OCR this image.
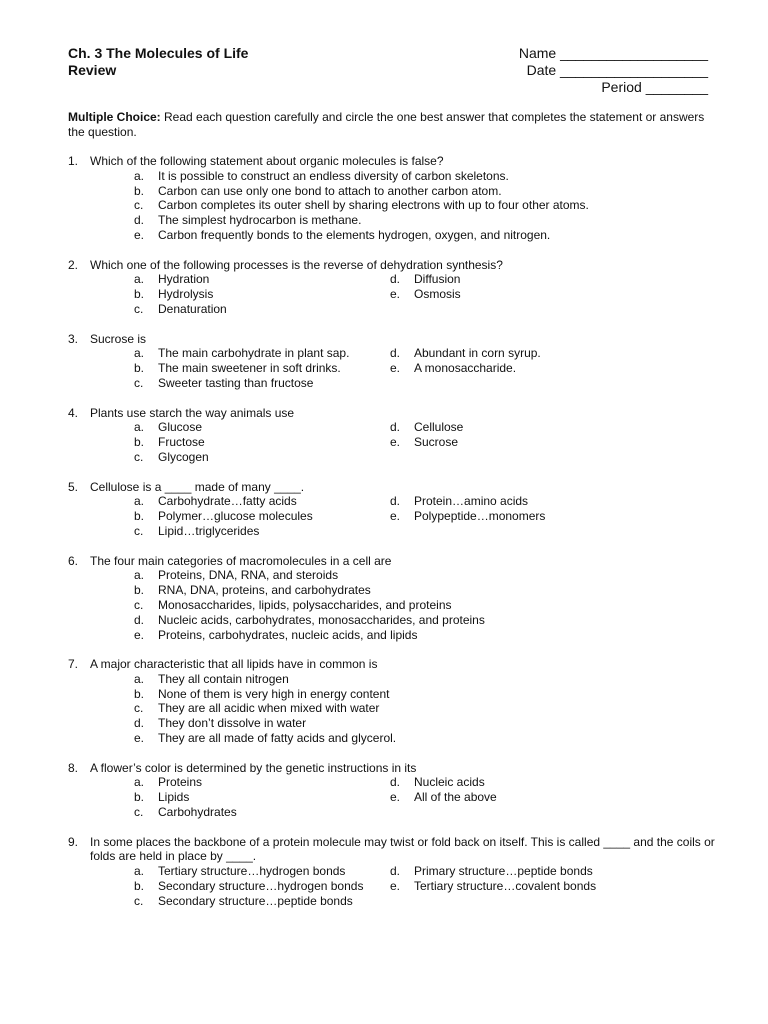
Ch. 3 The Molecules of Life
Review
Name ___________________
Date ___________________
Period ________
Multiple Choice: Read each question carefully and circle the one best answer that completes the statement or answers the question.
1. Which of the following statement about organic molecules is false?
a.	It is possible to construct an endless diversity of carbon skeletons.
b.	Carbon can use only one bond to attach to another carbon atom.
c.	Carbon completes its outer shell by sharing electrons with up to four other atoms.
d.	The simplest hydrocarbon is methane.
e.	Carbon frequently bonds to the elements hydrogen, oxygen, and nitrogen.
2. Which one of the following processes is the reverse of dehydration synthesis?
a.	Hydration	d.	Diffusion
b.	Hydrolysis	e.	Osmosis
c.	Denaturation
3. Sucrose is
a.	The main carbohydrate in plant sap.	d.	Abundant in corn syrup.
b.	The main sweetener in soft drinks.	e.	A monosaccharide.
c.	Sweeter tasting than fructose
4. Plants use starch the way animals use
a.	Glucose	d.	Cellulose
b.	Fructose	e.	Sucrose
c.	Glycogen
5. Cellulose is a ____ made of many ____.
a.	Carbohydrate…fatty acids	d.	Protein…amino acids
b.	Polymer…glucose molecules	e.	Polypeptide…monomers
c.	Lipid…triglycerides
6. The four main categories of macromolecules in a cell are
a.	Proteins, DNA, RNA, and steroids
b.	RNA, DNA, proteins, and carbohydrates
c.	Monosaccharides, lipids, polysaccharides, and proteins
d.	Nucleic acids, carbohydrates, monosaccharides, and proteins
e.	Proteins, carbohydrates, nucleic acids, and lipids
7. A major characteristic that all lipids have in common is
a.	They all contain nitrogen
b.	None of them is very high in energy content
c.	They are all acidic when mixed with water
d.	They don’t dissolve in water
e.	They are all made of fatty acids and glycerol.
8. A flower’s color is determined by the genetic instructions in its
a.	Proteins	d.	Nucleic acids
b.	Lipids	e.	All of the above
c.	Carbohydrates
9. In some places the backbone of a protein molecule may twist or fold back on itself. This is called ____ and the coils or folds are held in place by ____.
a.	Tertiary structure…hydrogen bonds	d.	Primary structure…peptide bonds
b.	Secondary structure…hydrogen bonds e.	Tertiary structure…covalent bonds
c.	Secondary structure…peptide bonds
